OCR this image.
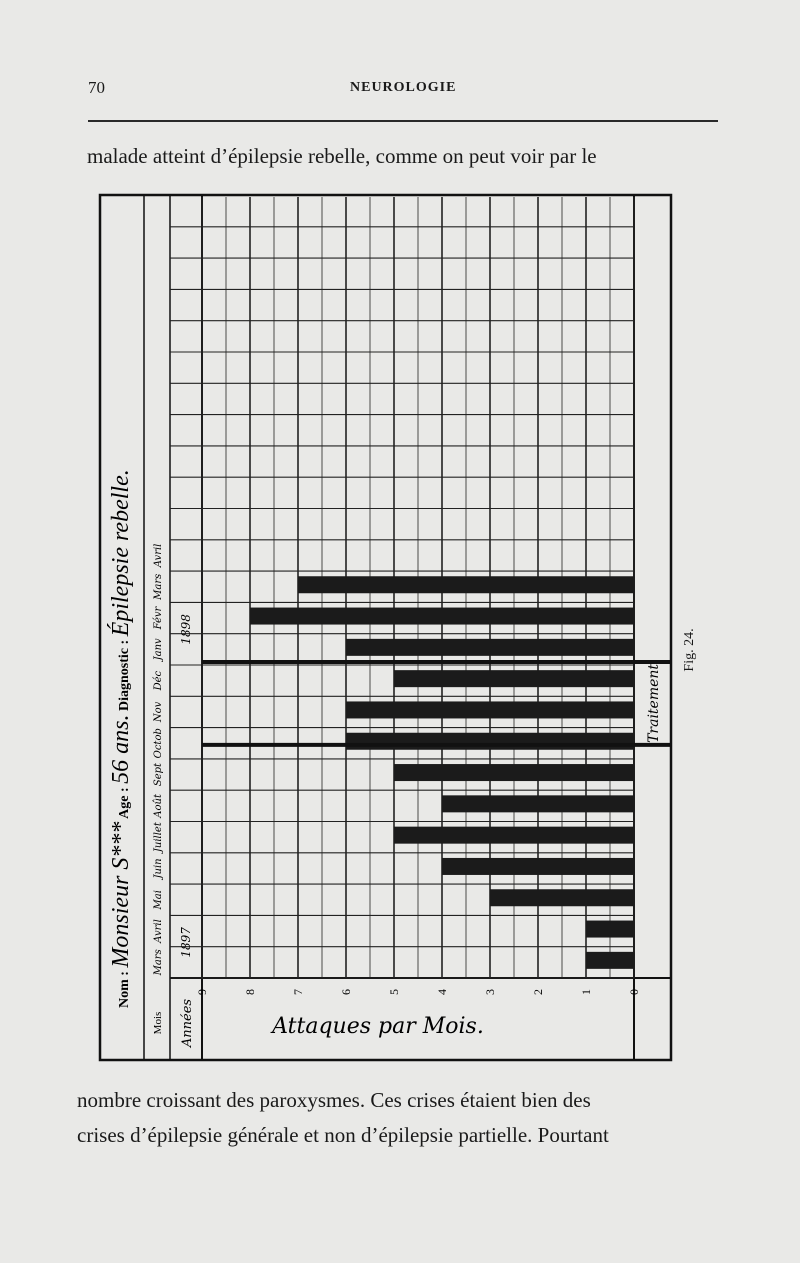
70	NEUROLOGIE
malade atteint d’épilepsie rebelle, comme on peut voir par le
Traitement
Mars
Avril
Mai
Juin
Juillet
Août
Sept
Octob
Nov
Déc
Janv
Févr
Mars
Avril
1897
1898
9	8	7	6	5	4	3	2	1	0
Attaques par Mois.
Mois Années
Nom : Monsieur S*** Age : 56 ans. Diagnostic : Épilepsie rebelle.
Fig. 24.
nombre croissant des paroxysmes. Ces crises étaient bien des
crises d’épilepsie générale et non d’épilepsie partielle. Pourtant
